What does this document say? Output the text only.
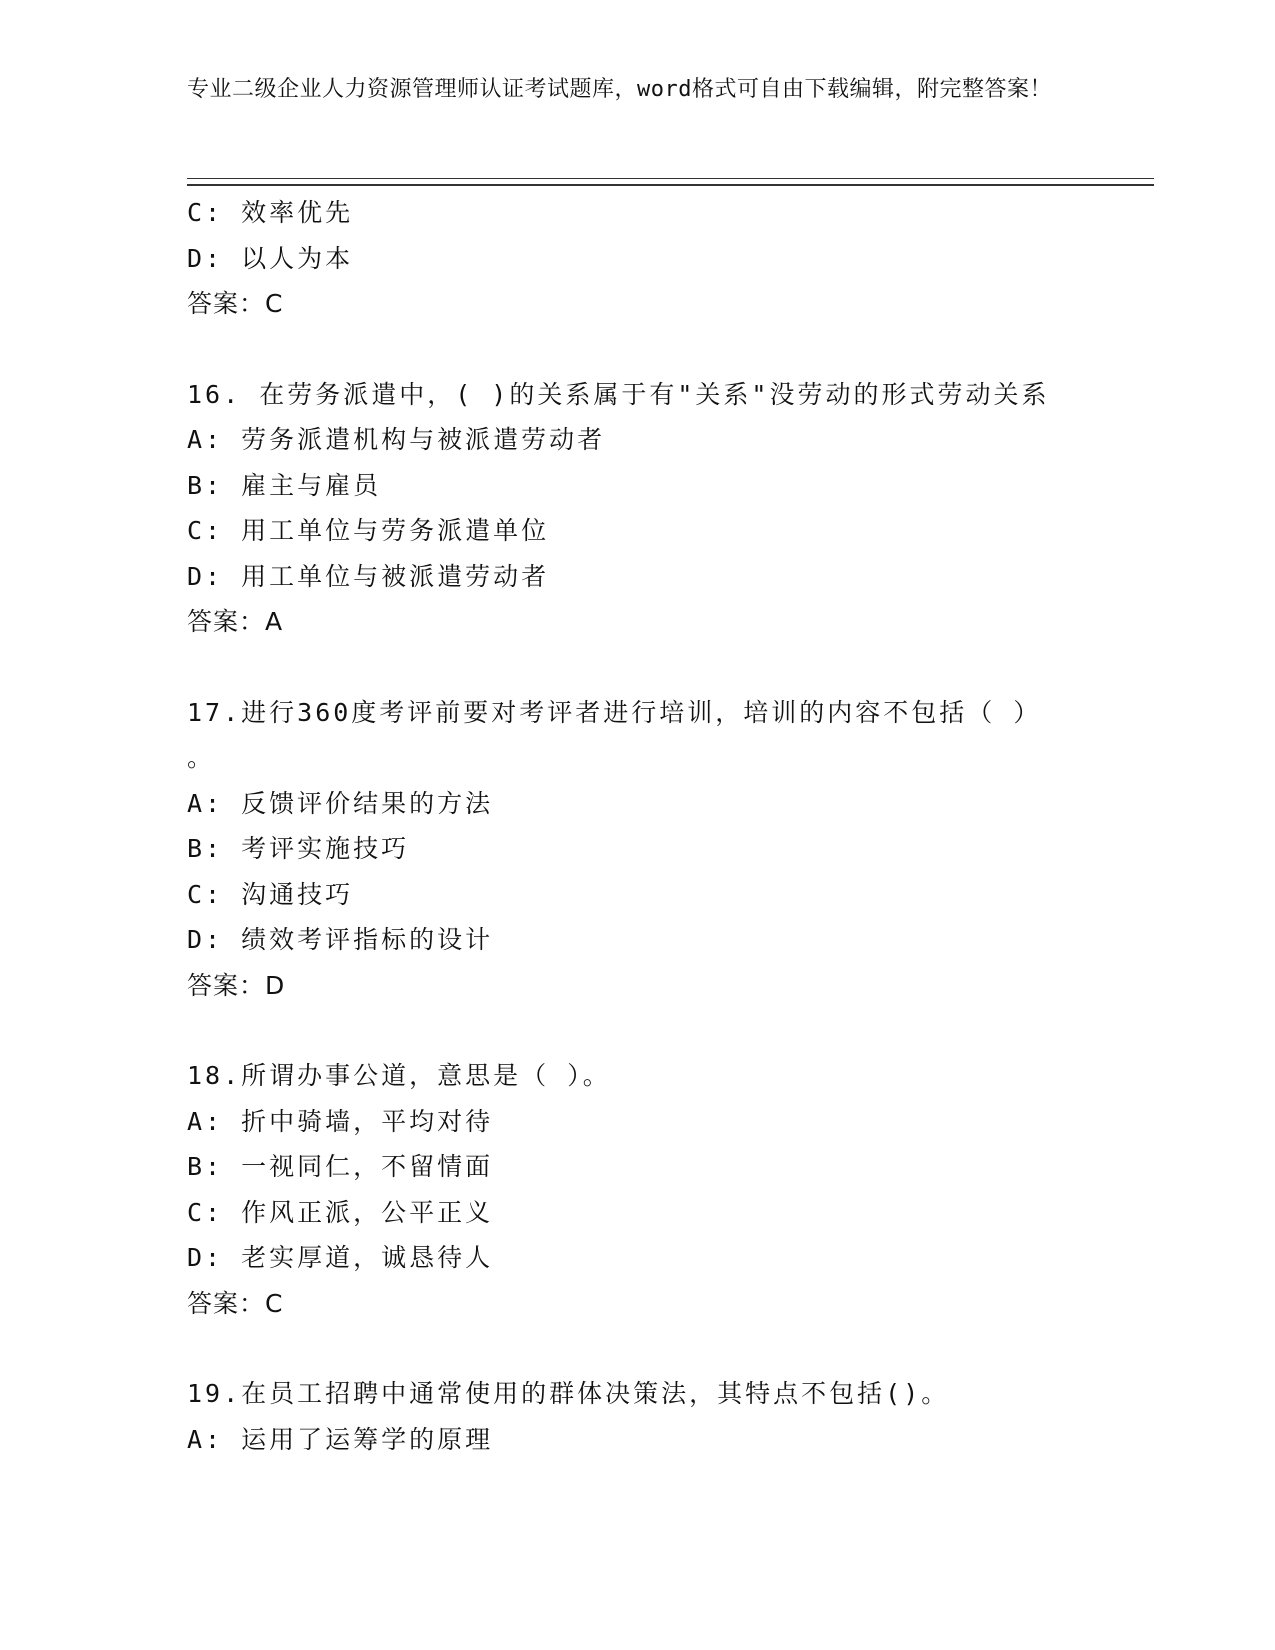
专业二级企业人力资源管理师认证考试题库，word格式可自由下载编辑，附完整答案！
C: 效率优先
D: 以人为本
答案：C
16. 在劳务派遣中，( )的关系属于有"关系"没劳动的形式劳动关系
A: 劳务派遣机构与被派遣劳动者
B: 雇主与雇员
C: 用工单位与劳务派遣单位
D: 用工单位与被派遣劳动者
答案：A
17.进行360度考评前要对考评者进行培训，培训的内容不包括（ ）
。
A: 反馈评价结果的方法
B: 考评实施技巧
C: 沟通技巧
D: 绩效考评指标的设计
答案：D
18.所谓办事公道，意思是（ ）。
A: 折中骑墙，平均对待
B: 一视同仁，不留情面
C: 作风正派，公平正义
D: 老实厚道，诚恳待人
答案：C
19.在员工招聘中通常使用的群体决策法，其特点不包括()。
A: 运用了运筹学的原理
